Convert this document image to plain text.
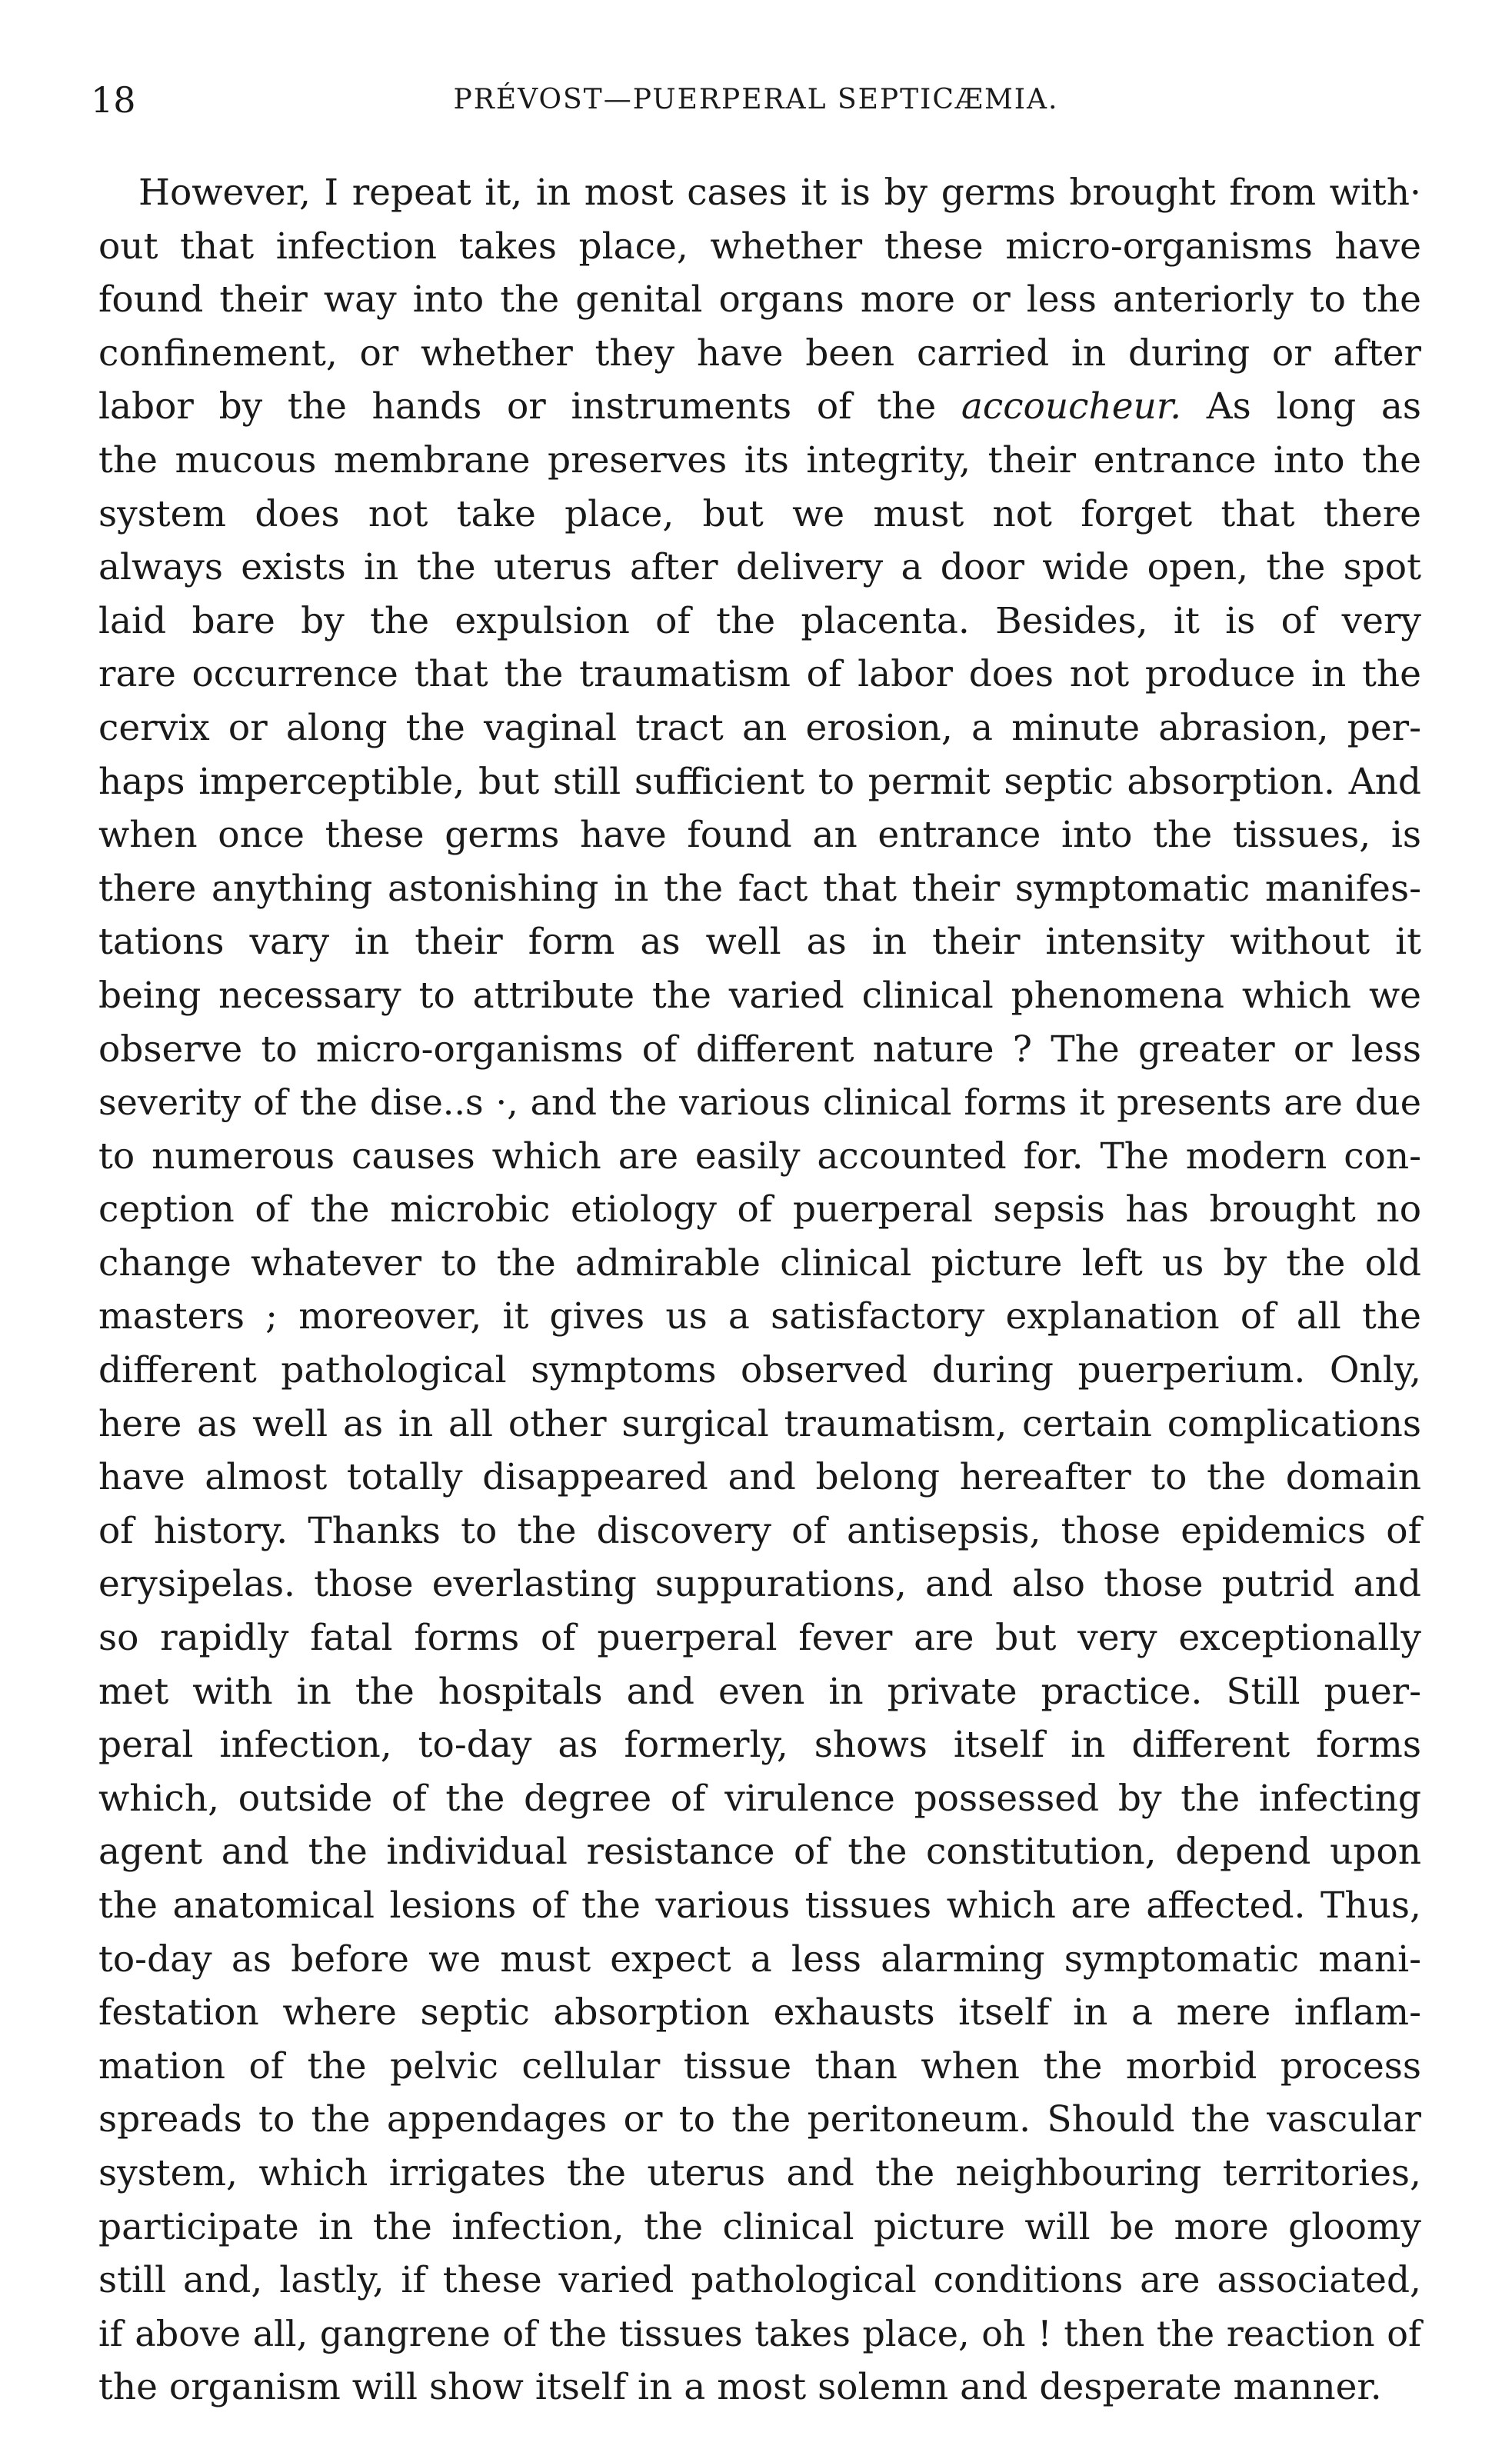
18	PRÉVOST—PUERPERAL SEPTICÆMIA.
However, I repeat it, in most cases it is by germs brought from with·
out that infection takes place, whether these micro-organisms have
found their way into the genital organs more or less anteriorly to the
confinement, or whether they have been carried in during or after
labor by the hands or instruments of the accoucheur. As long as
the mucous membrane preserves its integrity, their entrance into the
system does not take place, but we must not forget that there
always exists in the uterus after delivery a door wide open, the spot
laid bare by the expulsion of the placenta. Besides, it is of very
rare occurrence that the traumatism of labor does not produce in the
cervix or along the vaginal tract an erosion, a minute abrasion, per-
haps imperceptible, but still sufficient to permit septic absorption. And
when once these germs have found an entrance into the tissues, is
there anything astonishing in the fact that their symptomatic manifes-
tations vary in their form as well as in their intensity without it
being necessary to attribute the varied clinical phenomena which we
observe to micro-organisms of different nature ? The greater or less
severity of the dise..s ·, and the various clinical forms it presents are due
to numerous causes which are easily accounted for. The modern con-
ception of the microbic etiology of puerperal sepsis has brought no
change whatever to the admirable clinical picture left us by the old
masters ; moreover, it gives us a satisfactory explanation of all the
different pathological symptoms observed during puerperium. Only,
here as well as in all other surgical traumatism, certain complications
have almost totally disappeared and belong hereafter to the domain
of history. Thanks to the discovery of antisepsis, those epidemics of
erysipelas. those everlasting suppurations, and also those putrid and
so rapidly fatal forms of puerperal fever are but very exceptionally
met with in the hospitals and even in private practice. Still puer-
peral infection, to-day as formerly, shows itself in different forms
which, outside of the degree of virulence possessed by the infecting
agent and the individual resistance of the constitution, depend upon
the anatomical lesions of the various tissues which are affected. Thus,
to-day as before we must expect a less alarming symptomatic mani-
festation where septic absorption exhausts itself in a mere inflam-
mation of the pelvic cellular tissue than when the morbid process
spreads to the appendages or to the peritoneum. Should the vascular
system, which irrigates the uterus and the neighbouring territories,
participate in the infection, the clinical picture will be more gloomy
still and, lastly, if these varied pathological conditions are associated,
if above all, gangrene of the tissues takes place, oh ! then the reaction of
the organism will show itself in a most solemn and desperate manner.
